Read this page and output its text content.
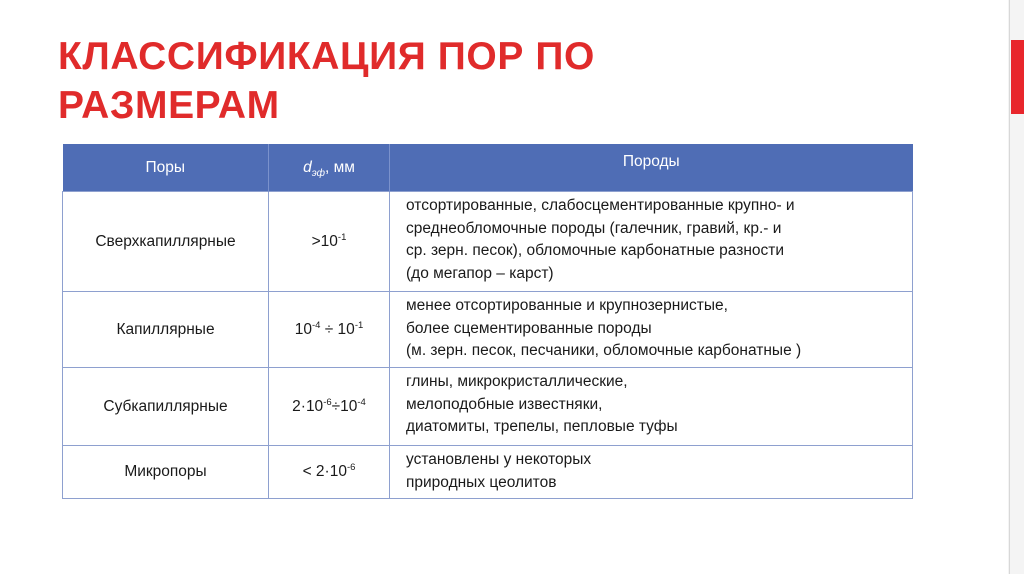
КЛАССИФИКАЦИЯ ПОР ПО
РАЗМЕРАМ
Поры	$d_{эф}$, мм	Породы
Сверхкапиллярные	$>10^{-1}$	отсортированные, слабосцементированные крупно- и
среднеобломочные породы (галечник, гравий, кр.- и
ср. зерн. песок), обломочные карбонатные разности
(до мегапор – карст)

Капиллярные	$10^{-4} \div 10^{-1}$	менее отсортированные и крупнозернистые,
более сцементированные породы
(м. зерн. песок, песчаники, обломочные карбонатные )

Субкапиллярные	$2\cdot 10^{-6}\div 10^{-4}$	глины, микрокристаллические,
мелоподобные известняки,
диатомиты, трепелы, пепловые туфы

Микропоры	< $2\cdot 10^{-6}$	установлены у некоторых
природных цеолитов
